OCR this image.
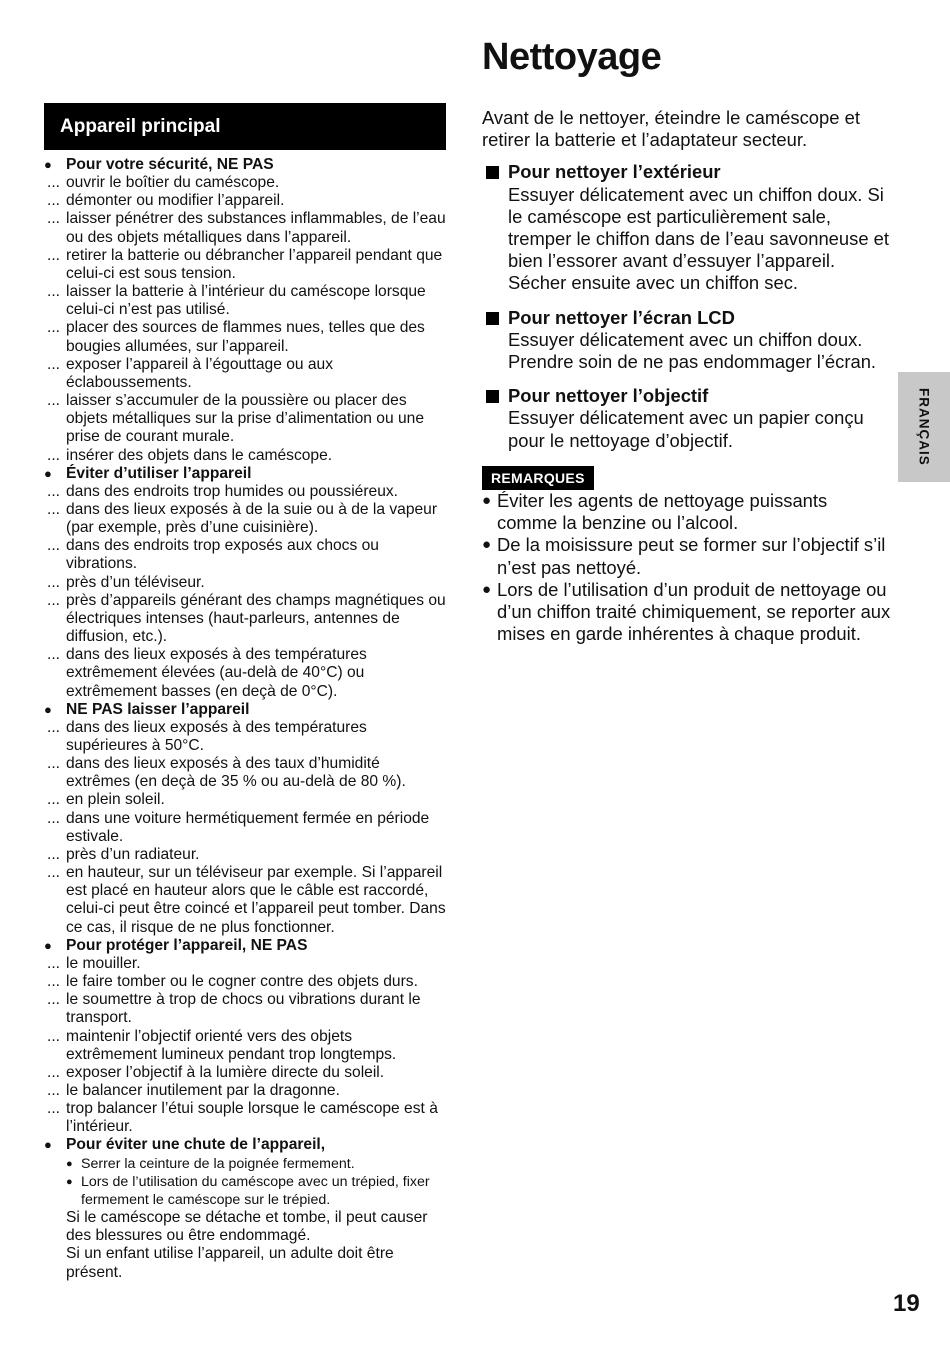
Nettoyage
Appareil principal
● Pour votre sécurité, NE PAS
... ouvrir le boîtier du caméscope.
... démonter ou modifier l’appareil.
... laisser pénétrer des substances inflammables, de l’eau ou des objets métalliques dans l’appareil.
... retirer la batterie ou débrancher l’appareil pendant que celui-ci est sous tension.
... laisser la batterie à l’intérieur du caméscope lorsque celui-ci n’est pas utilisé.
... placer des sources de flammes nues, telles que des bougies allumées, sur l’appareil.
... exposer l’appareil à l’égouttage ou aux éclaboussements.
... laisser s’accumuler de la poussière ou placer des objets métalliques sur la prise d’alimentation ou une prise de courant murale.
... insérer des objets dans le caméscope.
● Éviter d’utiliser l’appareil
... dans des endroits trop humides ou poussiéreux.
... dans des lieux exposés à de la suie ou à de la vapeur (par exemple, près d’une cuisinière).
... dans des endroits trop exposés aux chocs ou vibrations.
... près d’un téléviseur.
... près d’appareils générant des champs magnétiques ou électriques intenses (haut-parleurs, antennes de diffusion, etc.).
... dans des lieux exposés à des températures extrêmement élevées (au-delà de 40°C) ou extrêmement basses (en deçà de 0°C).
● NE PAS laisser l’appareil
... dans des lieux exposés à des températures supérieures à 50°C.
... dans des lieux exposés à des taux d’humidité extrêmes (en deçà de 35 % ou au-delà de 80 %).
... en plein soleil.
... dans une voiture hermétiquement fermée en période estivale.
... près d’un radiateur.
... en hauteur, sur un téléviseur par exemple. Si l’appareil est placé en hauteur alors que le câble est raccordé, celui-ci peut être coincé et l’appareil peut tomber. Dans ce cas, il risque de ne plus fonctionner.
● Pour protéger l’appareil, NE PAS
... le mouiller.
... le faire tomber ou le cogner contre des objets durs.
... le soumettre à trop de chocs ou vibrations durant le transport.
... maintenir l’objectif orienté vers des objets extrêmement lumineux pendant trop longtemps.
... exposer l’objectif à la lumière directe du soleil.
... le balancer inutilement par la dragonne.
... trop balancer l’étui souple lorsque le caméscope est à l’intérieur.
● Pour éviter une chute de l’appareil,
● Serrer la ceinture de la poignée fermement.
● Lors de l’utilisation du caméscope avec un trépied, fixer fermement le caméscope sur le trépied.
Si le caméscope se détache et tombe, il peut causer des blessures ou être endommagé.
Si un enfant utilise l’appareil, un adulte doit être présent.

Avant de le nettoyer, éteindre le caméscope et retirer la batterie et l’adaptateur secteur.

Pour nettoyer l’extérieur
Essuyer délicatement avec un chiffon doux. Si le caméscope est particulièrement sale, tremper le chiffon dans de l’eau savonneuse et bien l’essorer avant d’essuyer l’appareil. Sécher ensuite avec un chiffon sec.
Pour nettoyer l’écran LCD
Essuyer délicatement avec un chiffon doux. Prendre soin de ne pas endommager l’écran.
Pour nettoyer l’objectif
Essuyer délicatement avec un papier conçu pour le nettoyage d’objectif.
REMARQUES
● Éviter les agents de nettoyage puissants comme la benzine ou l’alcool.
● De la moisissure peut se former sur l’objectif s’il n’est pas nettoyé.
● Lors de l’utilisation d’un produit de nettoyage ou d’un chiffon traité chimiquement, se reporter aux mises en garde inhérentes à chaque produit.
FRANÇAIS
19
